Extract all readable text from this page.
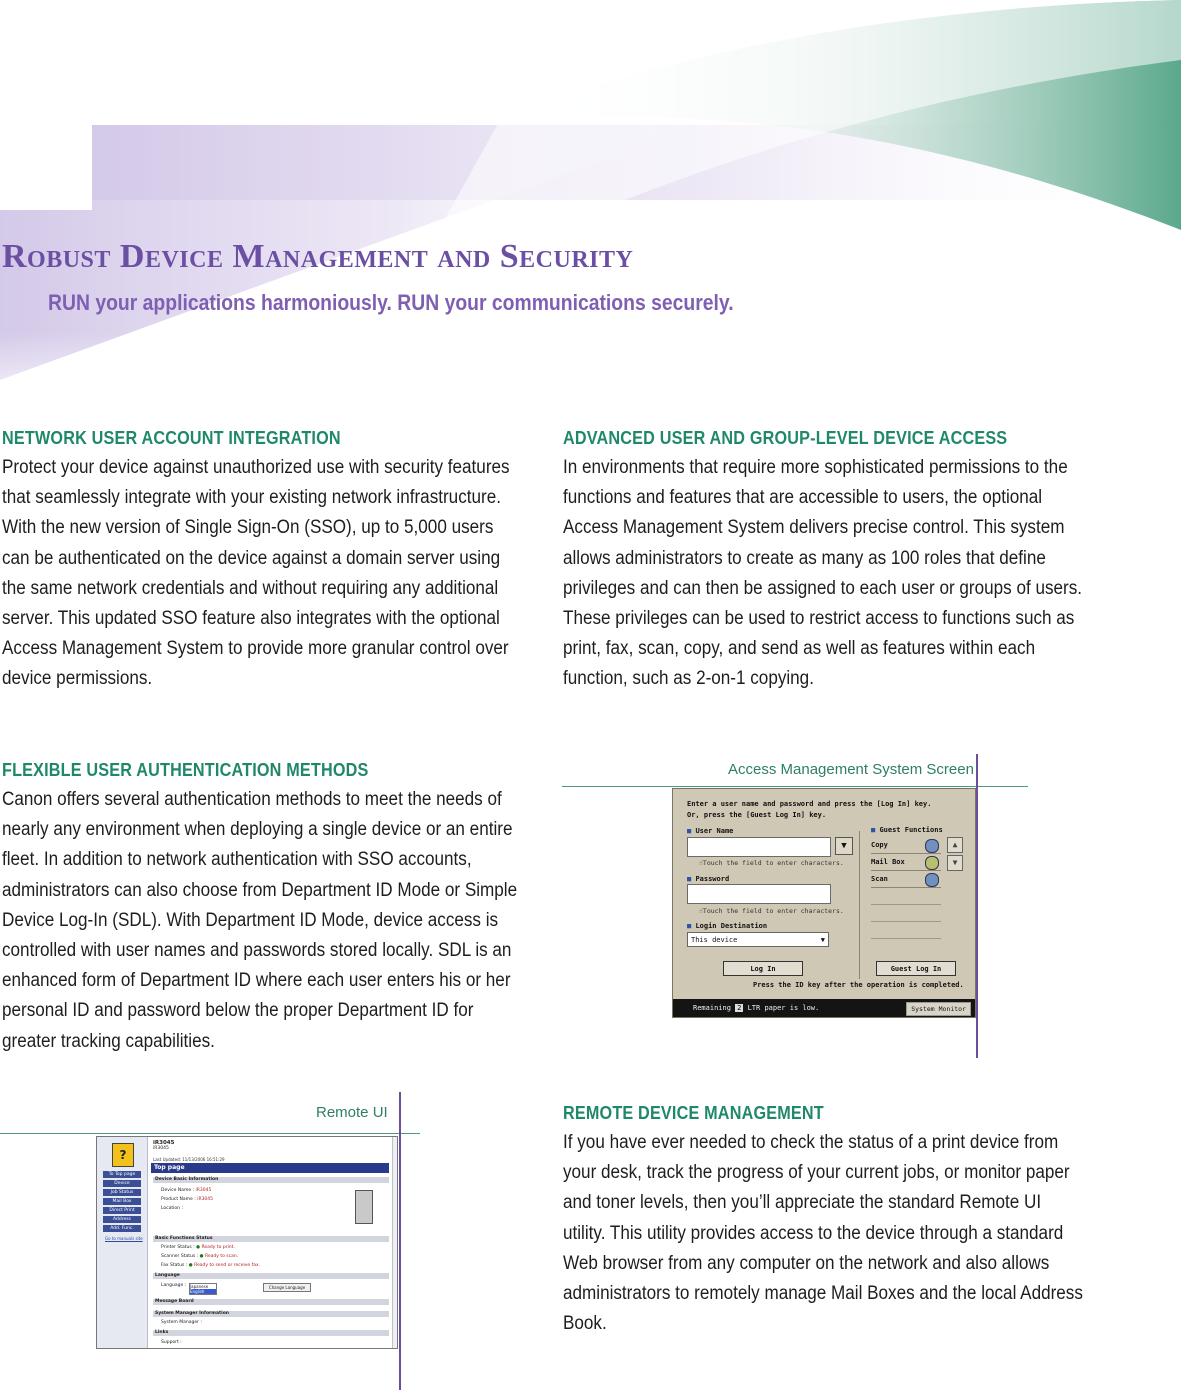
Robust Device Management and Security
RUN your applications harmoniously. RUN your communications securely.
NETWORK USER ACCOUNT INTEGRATION

Protect your device against unauthorized use with security features that seamlessly integrate with your existing network infrastructure. With the new version of Single Sign-On (SSO), up to 5,000 users can be authenticated on the device against a domain server using the same network credentials and without requiring any additional server. This updated SSO feature also integrates with the optional Access Management System to provide more granular control over device permissions.

ADVANCED USER AND GROUP-LEVEL DEVICE ACCESS

In environments that require more sophisticated permissions to the functions and features that are accessible to users, the optional Access Management System delivers precise control. This system allows administrators to create as many as 100 roles that define privileges and can then be assigned to each user or groups of users. These privileges can be used to restrict access to functions such as print, fax, scan, copy, and send as well as features within each function, such as 2-on-1 copying.

FLEXIBLE USER AUTHENTICATION METHODS

Canon offers several authentication methods to meet the needs of nearly any environment when deploying a single device or an entire fleet. In addition to network authentication with SSO accounts, administrators can also choose from Department ID Mode or Simple Device Log-In (SDL). With Department ID Mode, device access is controlled with user names and passwords stored locally. SDL is an enhanced form of Department ID where each user enters his or her personal ID and password below the proper Department ID for greater tracking capabilities.

REMOTE DEVICE MANAGEMENT

If you have ever needed to check the status of a print device from your desk, track the progress of your current jobs, or monitor paper and toner levels, then you’ll appreciate the standard Remote UI utility. This utility provides access to the device through a standard Web browser from any computer on the network and also allows administrators to remotely manage Mail Boxes and the local Address Book.

Access Management System Screen
Enter a user name and password and press the [Log In] key.
Or, press the [Guest Log In] key.
■ User Name
▼
☝Touch the field to enter characters.
■ Password
☝Touch the field to enter characters.
■ Login Destination
This device	▼
■ Guest Functions
Copy
Mail Box
Scan
▲
▼
Log In	Guest Log In
Press the ID key after the operation is completed.
Remaining 2 LTR paper is low.	System Monitor
Remote UI
?
To Top page
Device
Job Status
Mail Box
Direct Print
Address
Add. Func.
Go to manuals site
iR3045
iR3045
Last Updated: 11/13/2006 16:51:29
Top page
Device Basic Information
Device Name : iR3045
Product Name : iR3045
Location :
Basic Functions Status
Printer Status : ● Ready to print.
Scanner Status : ● Ready to scan.
Fax Status : ● Ready to send or receive fax.
Language
Language : Japanese
English
Change Language
Message Board
System Manager Information
System Manager :
Links
Support :
